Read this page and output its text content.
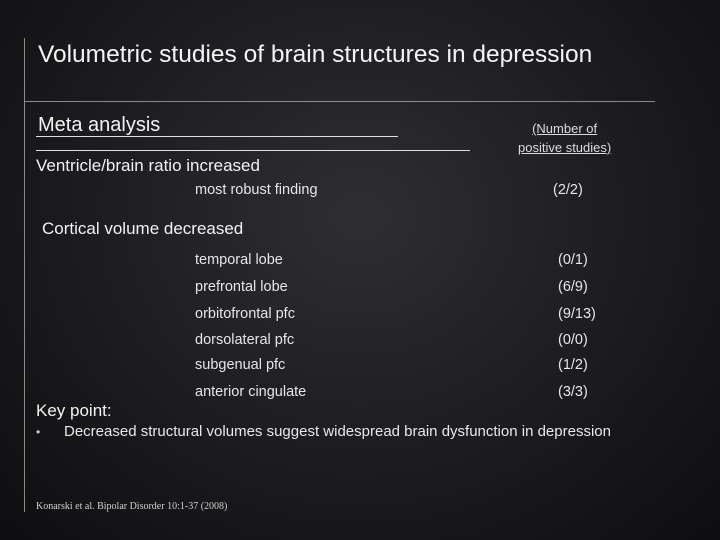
Volumetric studies of brain structures in depression
Meta analysis	(Number of
positive studies)
Ventricle/brain ratio increased
most robust finding	(2/2)
Cortical volume decreased
temporal lobe	(0/1)
prefrontal lobe	(6/9)
orbitofrontal pfc	(9/13)
dorsolateral pfc	(0/0)
subgenual pfc	(1/2)
anterior cingulate	(3/3)
Key point:
• Decreased structural volumes suggest widespread brain dysfunction in depression
Konarski et al. Bipolar Disorder 10:1-37 (2008)
